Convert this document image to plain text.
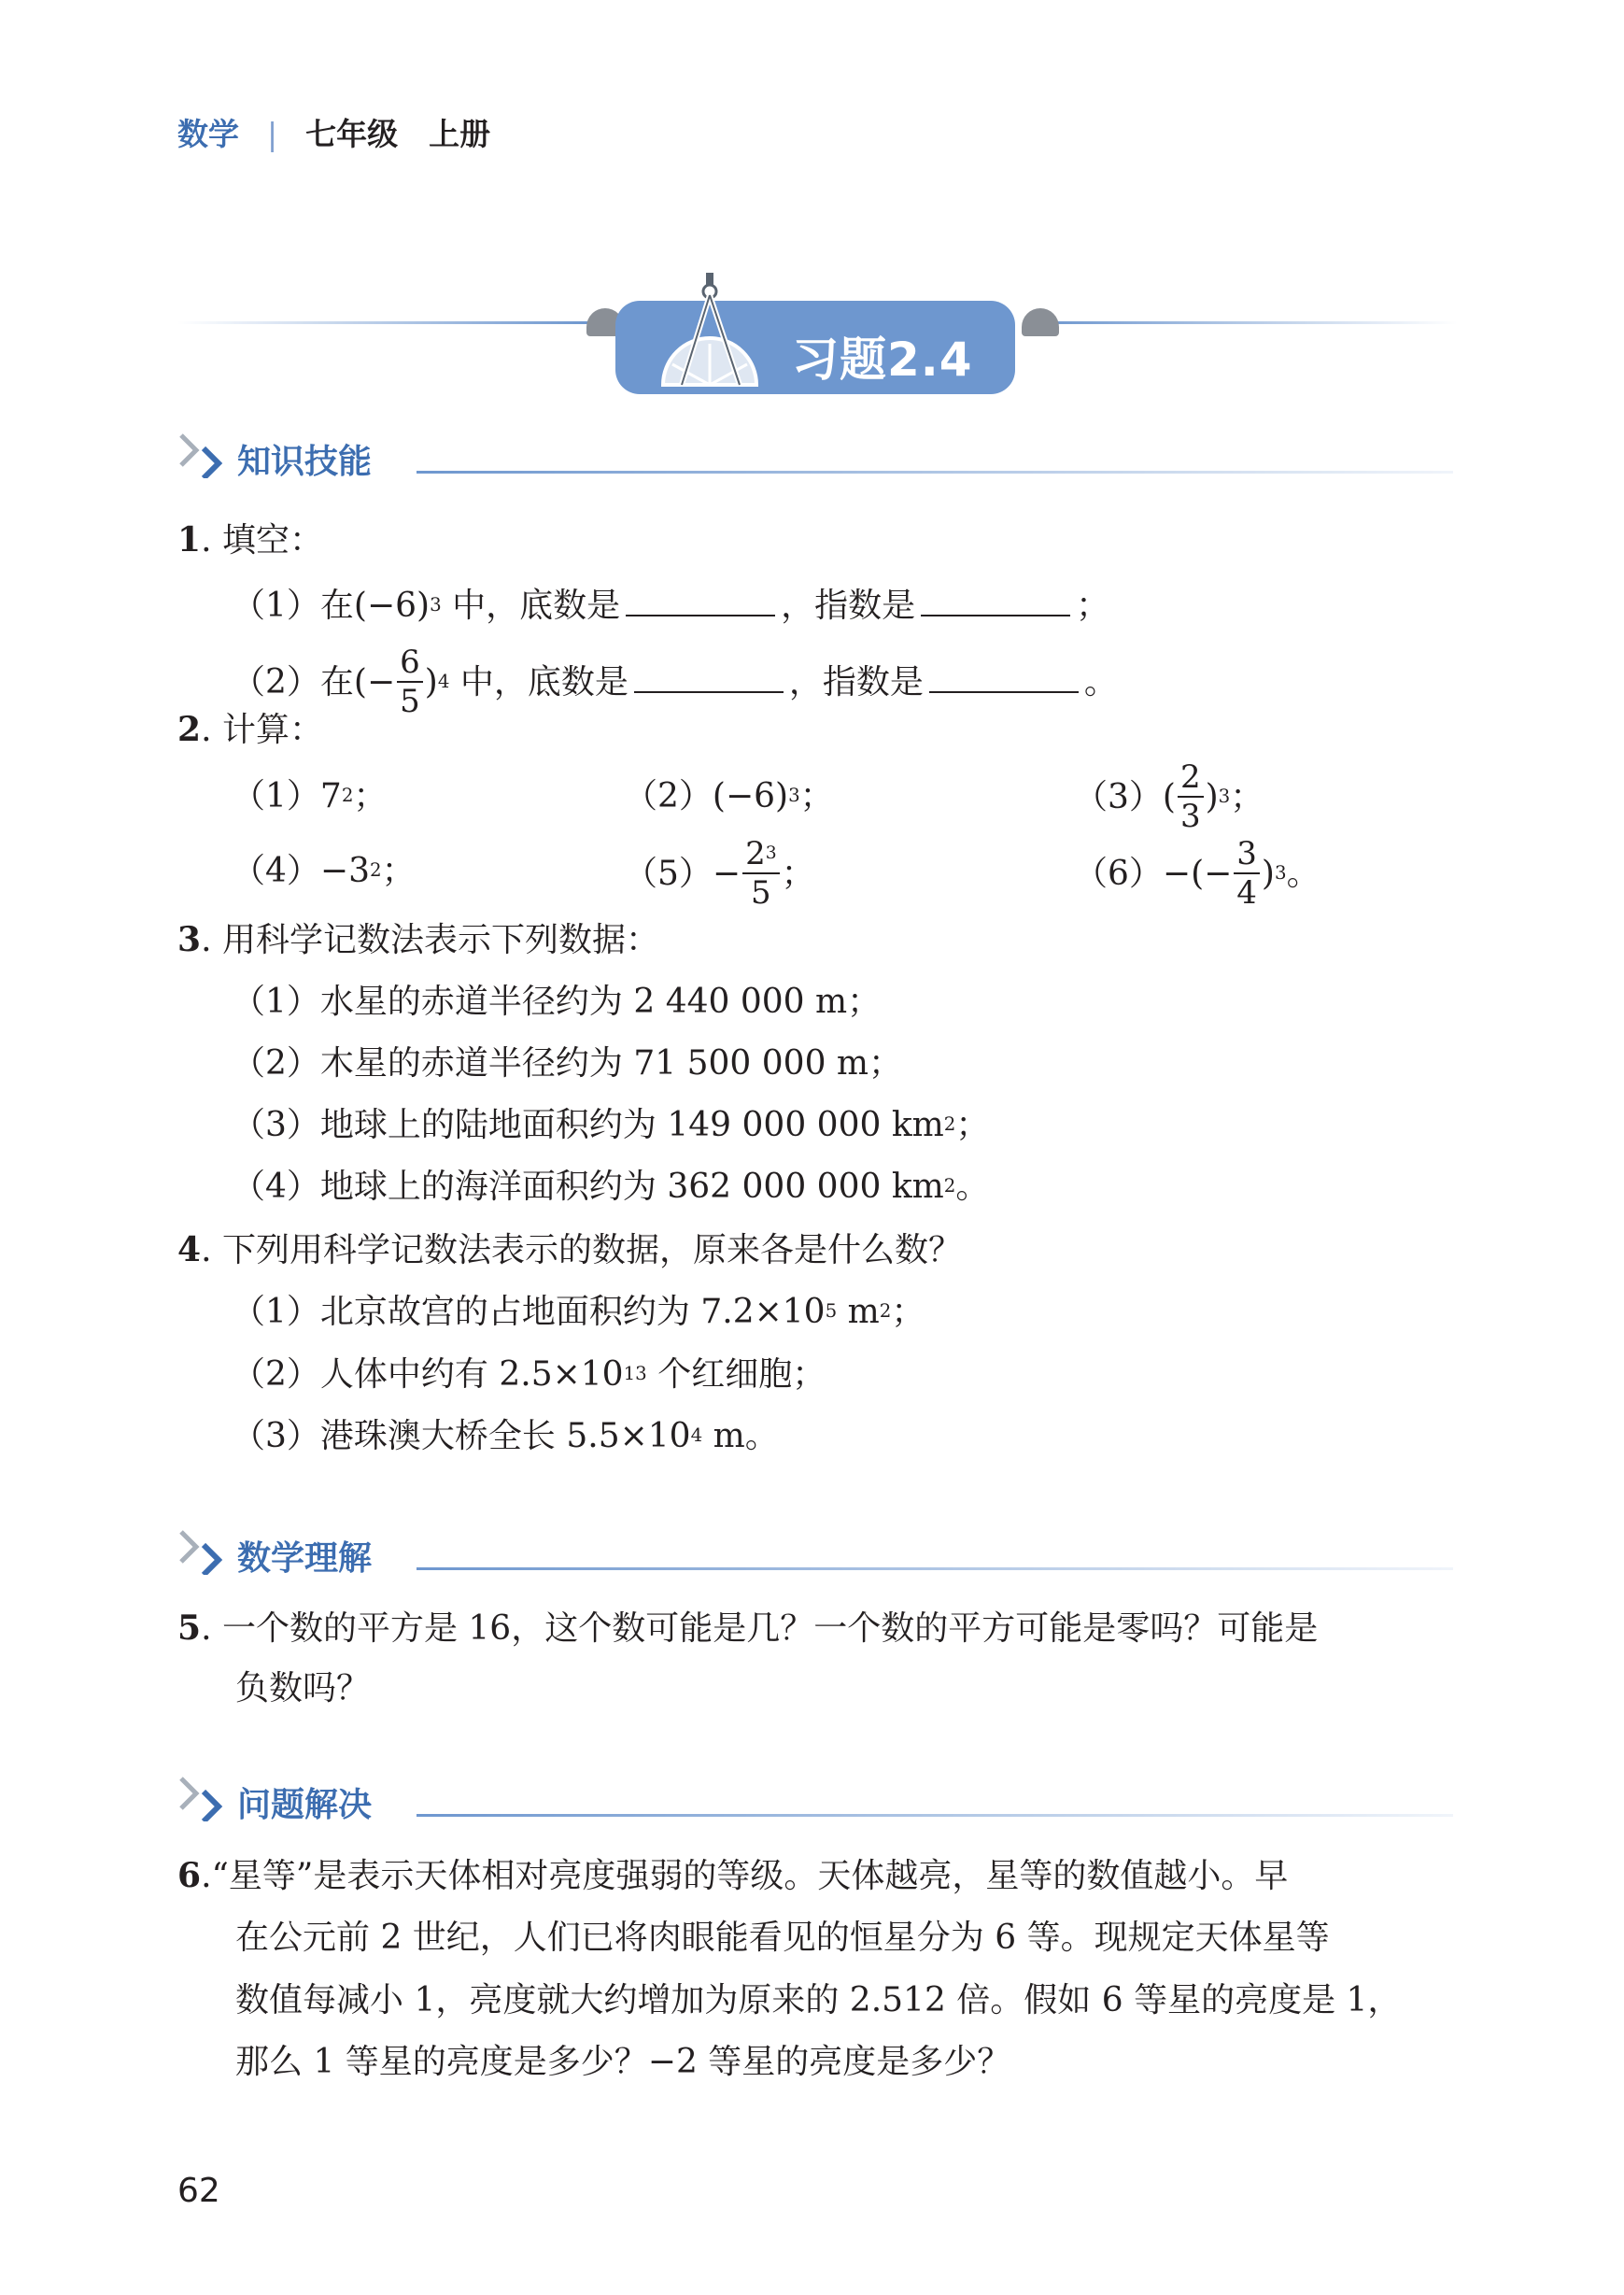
数学 | 七年级　上册
习题2.4
知识技能
1. 填空：
（1）在$(-6)^3$ 中，底数是	，指数是	；
（2）在(− $\frac{6}{5} )^4$ 中，底数是	，指数是	。
2. 计算：
$(1)7^2$；	$(2)(-6)^3$；	$(3)( \frac{2}{3} )^3$；
$(4)-3^2$；	$(5)- \frac{2^3}{5}$ ；	$(6)-(- \frac{3}{4} )^3$。
3. 用科学记数法表示下列数据：
（1）水星的赤道半径约为 2 440 000 m；
（2）木星的赤道半径约为 71 500 000 m；
（3）地球上的陆地面积约为 149 000 000 $km^2$；
（4）地球上的海洋面积约为 362 000 000 $km^2$。
4. 下列用科学记数法表示的数据，原来各是什么数？
（1）北京故宫的占地面积约为 $7.2\times 10^5$ $m^2$；
（2）人体中约有 $2.5\times 10^{13}$ 个红细胞；
（3）港珠澳大桥全长 $5.5\times 10^4$ m。
数学理解
5. 一个数的平方是 16，这个数可能是几？一个数的平方可能是零吗？可能是
负数吗？
问题解决
6.“星等”是表示天体相对亮度强弱的等级。天体越亮，星等的数值越小。早
在公元前 2 世纪，人们已将肉眼能看见的恒星分为 6 等。现规定天体星等
数值每减小 1，亮度就大约增加为原来的 2.512 倍。假如 6 等星的亮度是 1，
那么 1 等星的亮度是多少？−2 等星的亮度是多少？
62
